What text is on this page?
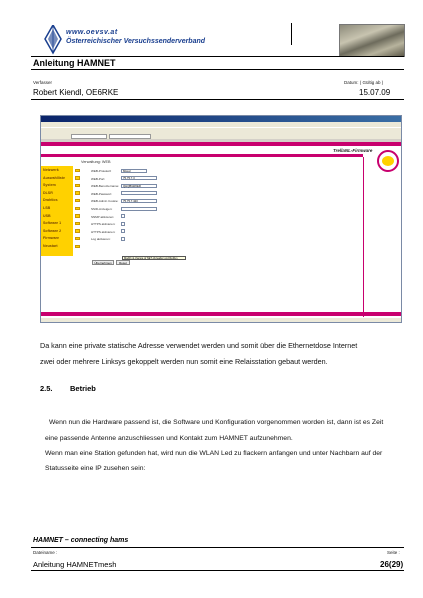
www.oevsv.at
Österreichischer Versuchssenderverband
Anleitung HAMNET
Verfasser
Robert Kiendl, OE6RKE
Datum: ( Gültig ab )
15.07.09
TrellaNL-Firmware
Verwaltung: WEB
Netzwerk
Auswahlliste
System
DLSR
Drahtlos
LSB
USB
Software 1
Software 2
Firmware
Neustart
WEB-Protokoll:	Mixed
WEB-Port:	75.75.7.3
WEB-Benutzername:	QHQBGR0ER
WEB-Passwort:
WEB-Admin Cookie:	75.75.7.420
SSID-Anzeigen:
SNMP aktivieren:
HTTPS aktivieren:
HTTPS aktivieren:
Log aktivieren:
Übernehmen	Reset
Modify & change of NET-Verwalter und ReRun
Da kann eine private statische Adresse verwendet werden und somit über die Ethernetdose Internet
zwei oder mehrere Linksys gekoppelt werden nun somit eine Relaisstation gebaut werden.
2.5. Betrieb
Wenn nun die Hardware passend ist, die Software und Konfiguration vorgenommen worden ist, dann ist es Zeit
eine passende Antenne anzuschliessen und Kontakt zum HAMNET aufzunehmen.
Wenn man eine Station gefunden hat, wird nun die WLAN Led zu flackern anfangen und unter Nachbarn auf der
Statusseite eine IP zusehen sein:
HAMNET – connecting hams
Dateiname :
Anleitung HAMNETmesh
Seite :
26(29)
